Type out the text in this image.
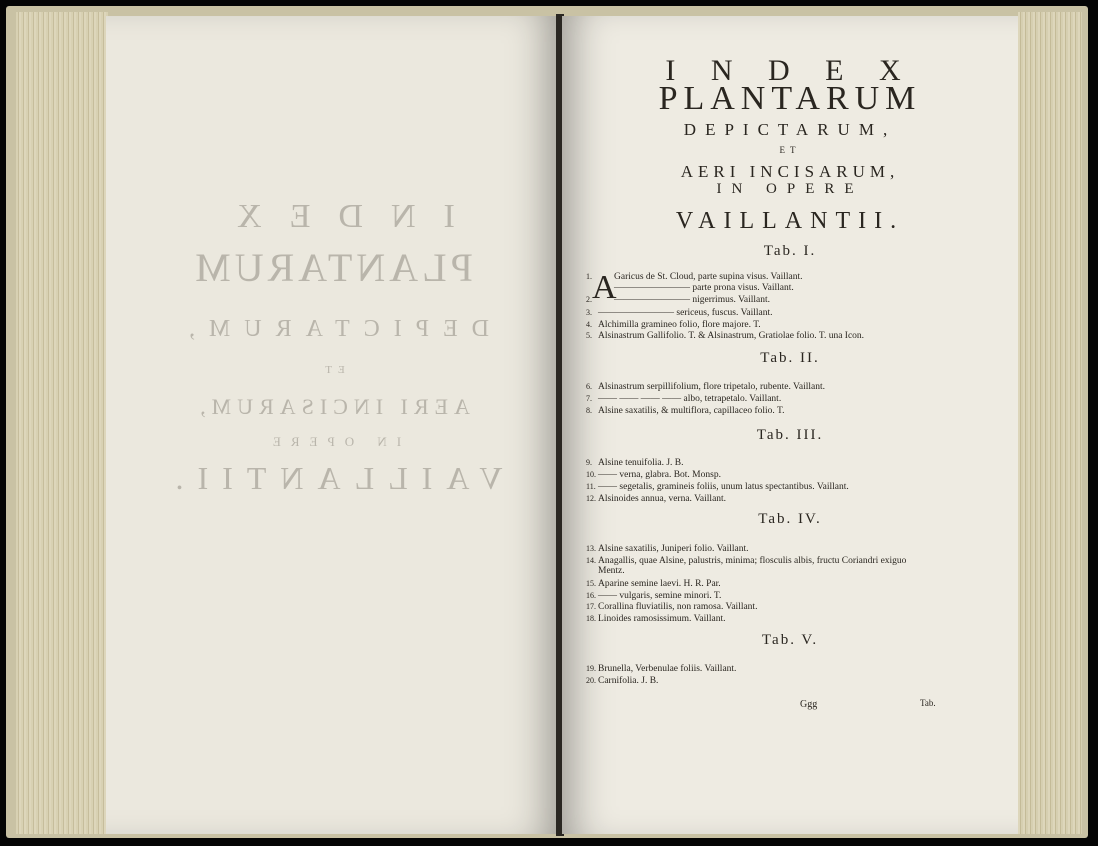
INDEX
PLANTARUM
DEPICTARUM,
ET
AERI INCISARUM,
IN OPERE
VAILLANTII.
I N D E X
PLANTARUM
DEPICTARUM,
ET
AERI INCISARUM,
IN OPERE
VAILLANTII.
Tab. I.
Tab. II.
Tab. III.
Tab. IV.
Tab. V.
A
1. Garicus de St. Cloud, parte supina visus. Vaillant.
———————— parte prona visus. Vaillant.
2. ———————— nigerrimus. Vaillant.
3. ———————— sericeus, fuscus. Vaillant.
4. Alchimilla gramineo folio, flore majore. T.
5. Alsinastrum Gallifolio. T. & Alsinastrum, Gratiolae folio. T. una Icon.
6. Alsinastrum serpillifolium, flore tripetalo, rubente. Vaillant.
7. —— —— —— —— albo, tetrapetalo. Vaillant.
8. Alsine saxatilis, & multiflora, capillaceo folio. T.
9. Alsine tenuifolia. J. B.
10. —— verna, glabra. Bot. Monsp.
11. —— segetalis, gramineis foliis, unum latus spectantibus. Vaillant.
12. Alsinoides annua, verna. Vaillant.
13. Alsine saxatilis, Juniperi folio. Vaillant.
14. Anagallis, quae Alsine, palustris, minima; flosculis albis, fructu Coriandri exiguo
Mentz.
15. Aparine semine laevi. H. R. Par.
16. —— vulgaris, semine minori. T.
17. Corallina fluviatilis, non ramosa. Vaillant.
18. Linoides ramosissimum. Vaillant.
19. Brunella, Verbenulae foliis. Vaillant.
20. Carnifolia. J. B.
Ggg	Tab.
